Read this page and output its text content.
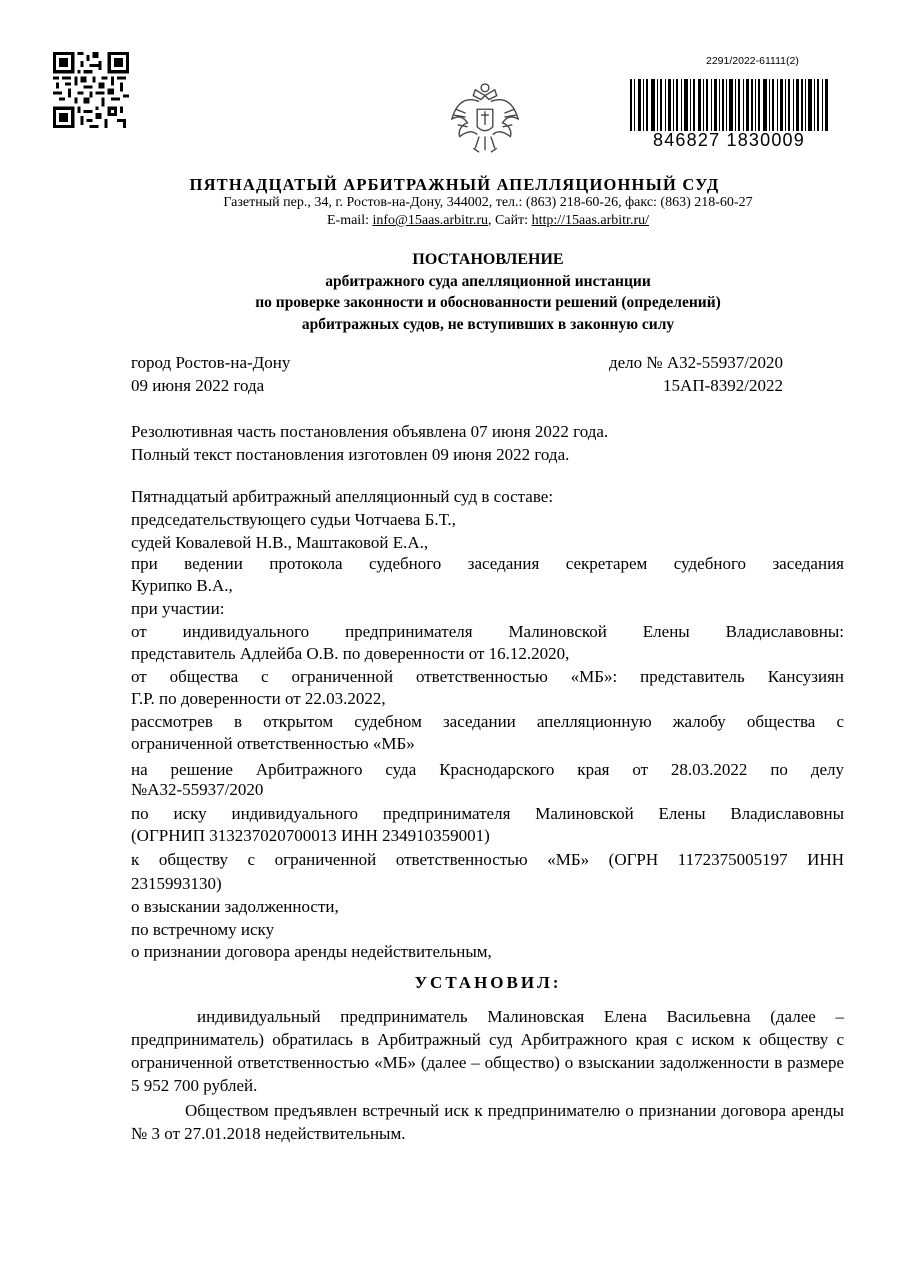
2291/2022-61111(2)
846827 1830009
ПЯТНАДЦАТЫЙ АРБИТРАЖНЫЙ АПЕЛЛЯЦИОННЫЙ СУД
Газетный пер., 34, г. Ростов-на-Дону, 344002, тел.: (863) 218-60-26, факс: (863) 218-60-27
E-mail: info@15aas.arbitr.ru, Сайт: http://15aas.arbitr.ru/
ПОСТАНОВЛЕНИЕ
арбитражного суда апелляционной инстанции
по проверке законности и обоснованности решений (определений)
арбитражных судов, не вступивших в законную силу
город Ростов-на-Дону
09 июня 2022 года
дело № А32-55937/2020
15АП-8392/2022
Резолютивная часть постановления объявлена 07 июня 2022 года.
Полный текст постановления изготовлен 09 июня 2022 года.
Пятнадцатый арбитражный апелляционный суд в составе:
председательствующего судьи Чотчаева Б.Т.,
судей Ковалевой Н.В., Маштаковой Е.А.,
при ведении протокола судебного заседания секретарем судебного заседания
Курипко В.А.,
при участии:
от индивидуального предпринимателя Малиновской Елены Владиславовны:
представитель Адлейба О.В. по доверенности от 16.12.2020,
от общества с ограниченной ответственностью «МБ»: представитель Кансузиян
Г.Р. по доверенности от 22.03.2022,
рассмотрев в открытом судебном заседании апелляционную жалобу общества с
ограниченной ответственностью «МБ»
на решение Арбитражного суда Краснодарского края от 28.03.2022 по делу
№А32-55937/2020
по иску индивидуального предпринимателя Малиновской Елены Владиславовны
(ОГРНИП 313237020700013 ИНН 234910359001)
к обществу с ограниченной ответственностью «МБ» (ОГРН 1172375005197 ИНН
2315993130)
о взыскании задолженности,
по встречному иску
о признании договора аренды недействительным,
УСТАНОВИЛ:
индивидуальный предприниматель Малиновская Елена Васильевна (далее – предприниматель) обратилась в Арбитражный суд Арбитражного края с иском к обществу с ограниченной ответственностью «МБ» (далее – общество) о взыскании задолженности в размере 5 952 700 рублей.
Обществом предъявлен встречный иск к предпринимателю о признании договора аренды № 3 от 27.01.2018 недействительным.
